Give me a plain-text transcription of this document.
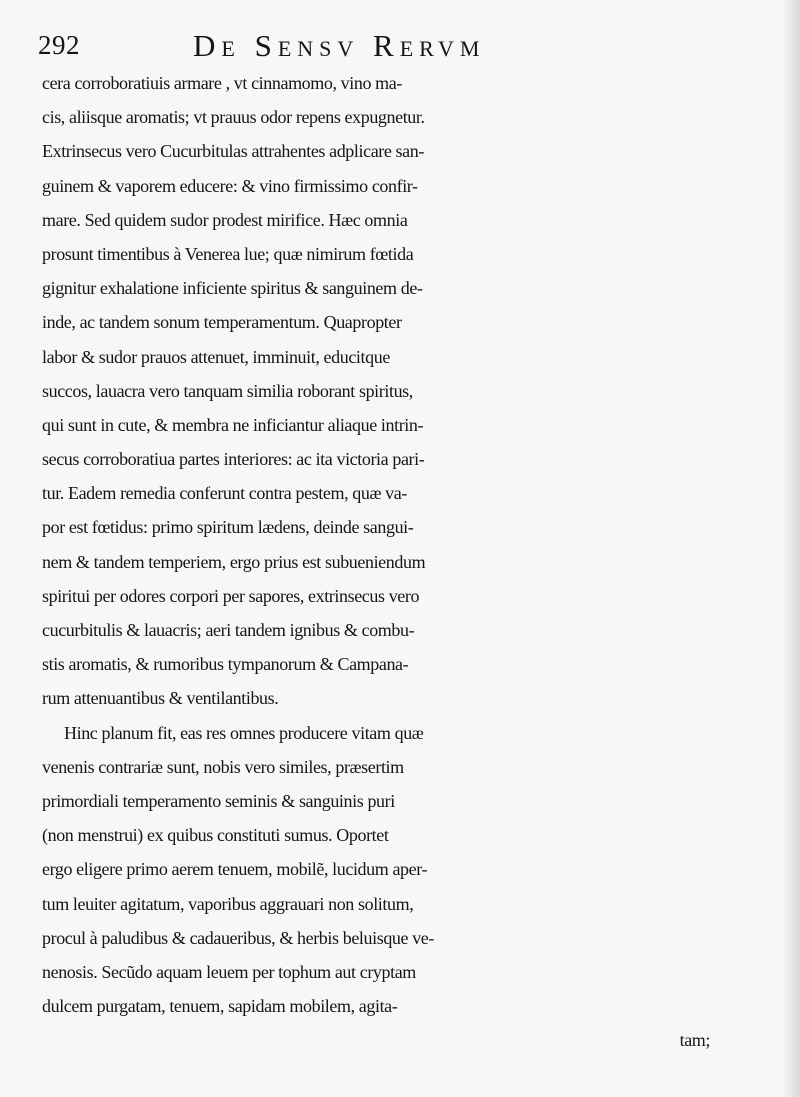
292	De Sensv Rervm
cera corroboratiuis armare , vt cinnamomo, vino ma-
cis, aliisque aromatis; vt prauus odor repens expugnetur.
Extrinsecus vero Cucurbitulas attrahentes adplicare san-
guinem & vaporem educere: & vino firmissimo confir-
mare. Sed quidem sudor prodest mirifice. Hæc omnia
prosunt timentibus à Venerea lue; quæ nimirum fœtida
gignitur exhalatione inficiente spiritus & sanguinem de-
inde, ac tandem sonum temperamentum. Quapropter
labor & sudor prauos attenuet, imminuit, educitque
succos, lauacra vero tanquam similia roborant spiritus,
qui sunt in cute, & membra ne inficiantur aliaque intrin-
secus corroboratiua partes interiores: ac ita victoria pari-
tur. Eadem remedia conferunt contra pestem, quæ va-
por est fœtidus: primo spiritum lædens, deinde sangui-
nem & tandem temperiem, ergo prius est subueniendum
spiritui per odores corpori per sapores, extrinsecus vero
cucurbitulis & lauacris; aeri tandem ignibus & combu-
stis aromatis, & rumoribus tympanorum & Campana-
rum attenuantibus & ventilantibus.
Hinc planum fit, eas res omnes producere vitam quæ
venenis contrariæ sunt, nobis vero similes, præsertim
primordiali temperamento seminis & sanguinis puri
(non menstrui) ex quibus constituti sumus. Oportet
ergo eligere primo aerem tenuem, mobilẽ, lucidum aper-
tum leuiter agitatum, vaporibus aggrauari non solitum,
procul à paludibus & cadaueribus, & herbis beluisque ve-
nenosis. Secũdo aquam leuem per tophum aut cryptam
dulcem purgatam, tenuem, sapidam mobilem, agita-
tam;
